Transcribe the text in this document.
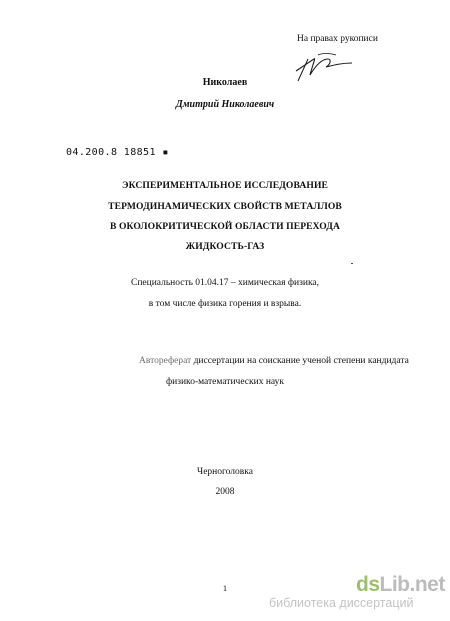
На правах рукописи
Николаев
Дмитрий Николаевич
04.200.8 18851 ▪
ЭКСПЕРИМЕНТАЛЬНОЕ ИССЛЕДОВАНИЕ
ТЕРМОДИНАМИЧЕСКИХ СВОЙСТВ МЕТАЛЛОВ
В ОКОЛОКРИТИЧЕСКОЙ ОБЛАСТИ ПЕРЕХОДА
ЖИДКОСТЬ-ГАЗ
Специальность 01.04.17 – химическая физика,
в том числе физика горения и взрыва.
Автореферат диссертации на соискание ученой степени кандидата
физико-математических наук
Черноголовка
2008
1	dsLib.net
библиотека диссертаций
